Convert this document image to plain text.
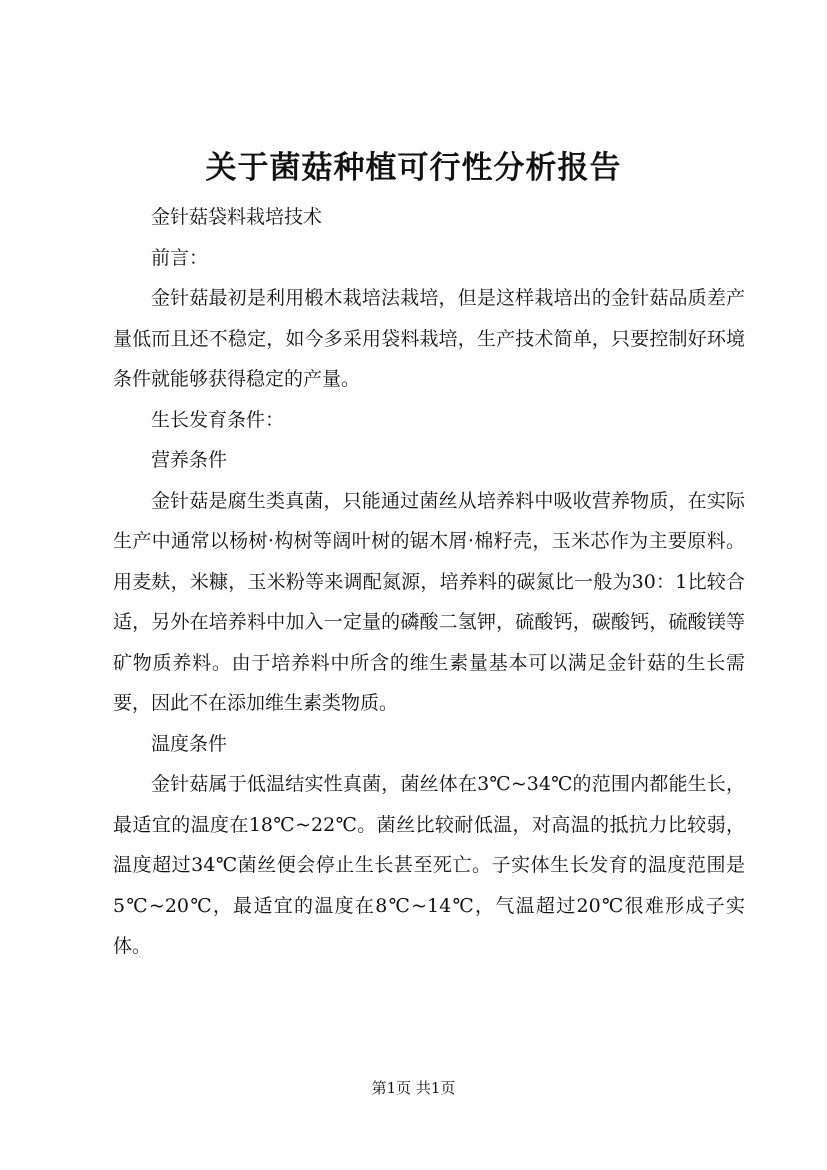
关于菌菇种植可行性分析报告

金针菇袋料栽培技术

前言：

金针菇最初是利用椴木栽培法栽培，但是这样栽培出的金针菇品质差产量低而且还不稳定，如今多采用袋料栽培，生产技术简单，只要控制好环境条件就能够获得稳定的产量。

生长发育条件：

营养条件

金针菇是腐生类真菌，只能通过菌丝从培养料中吸收营养物质，在实际生产中通常以杨树·构树等阔叶树的锯木屑·棉籽壳，玉米芯作为主要原料。用麦麸，米糠，玉米粉等来调配氮源，培养料的碳氮比一般为30：1比较合适，另外在培养料中加入一定量的磷酸二氢钾，硫酸钙，碳酸钙，硫酸镁等矿物质养料。由于培养料中所含的维生素量基本可以满足金针菇的生长需要，因此不在添加维生素类物质。

温度条件

金针菇属于低温结实性真菌，菌丝体在3℃~34℃的范围内都能生长，最适宜的温度在18℃~22℃。菌丝比较耐低温，对高温的抵抗力比较弱，温度超过34℃菌丝便会停止生长甚至死亡。子实体生长发育的温度范围是5℃~20℃，最适宜的温度在8℃~14℃，气温超过20℃很难形成子实体。

第1页 共1页
